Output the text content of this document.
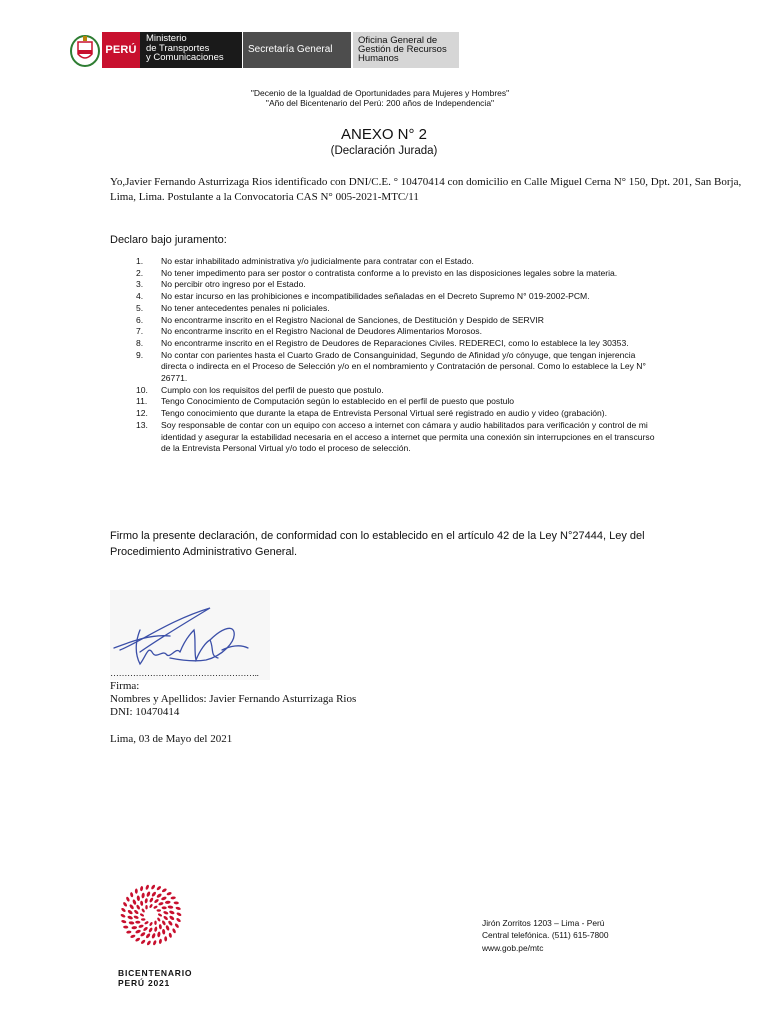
PERÚ
Ministerio
de Transportes
y Comunicaciones
Secretaría General
Oficina General de
Gestión de Recursos
Humanos
"Decenio de la Igualdad de Oportunidades para Mujeres y Hombres"
"Año del Bicentenario del Perú: 200 años de Independencia"
ANEXO N° 2
(Declaración Jurada)
Yo,Javier Fernando Asturrizaga Rios identificado con DNI/C.E. ° 10470414 con domicilio en Calle Miguel Cerna N° 150, Dpt. 201, San Borja, Lima, Lima. Postulante a la Convocatoria CAS N° 005-2021-MTC/11
Declaro bajo juramento:
1.	No estar inhabilitado administrativa y/o judicialmente para contratar con el Estado.
2.	No tener impedimento para ser postor o contratista conforme a lo previsto en las disposiciones legales sobre la materia.
3.	No percibir otro ingreso por el Estado.
4.	No estar incurso en las prohibiciones e incompatibilidades señaladas en el Decreto Supremo N° 019-2002-PCM.
5.	No tener antecedentes penales ni policiales.
6.	No encontrarme inscrito en el Registro Nacional de Sanciones, de Destitución y Despido de SERVIR
7.	No encontrarme inscrito en el Registro Nacional de Deudores Alimentarios Morosos.
8.	No encontrarme inscrito en el Registro de Deudores de Reparaciones Civiles. REDERECI, como lo establece la ley 30353.
9.	No contar con parientes hasta el Cuarto Grado de Consanguinidad, Segundo de Afinidad y/o cónyuge, que tengan injerencia directa o indirecta en el Proceso de Selección y/o en el nombramiento y Contratación de personal. Como lo establece la Ley N° 26771.
10.	Cumplo con los requisitos del perfil de puesto que postulo.
11.	Tengo Conocimiento de Computación según lo establecido en el perfil de puesto que postulo
12.	Tengo conocimiento que durante la etapa de Entrevista Personal Virtual seré registrado en audio y video (grabación).
13.	Soy responsable de contar con un equipo con acceso a internet con cámara y audio habilitados para verificación y control de mi identidad y asegurar la estabilidad necesaria en el acceso a internet que permita una conexión sin interrupciones en el transcurso de la Entrevista Personal Virtual y/o todo el proceso de selección.
Firmo la presente declaración, de conformidad con lo establecido en el artículo 42 de la Ley N°27444, Ley del Procedimiento Administrativo General.
……………………………………………..
Firma:
Nombres y Apellidos: Javier Fernando Asturrizaga Rios
DNI: 10470414
Lima, 03 de Mayo del 2021
BICENTENARIO
PERÚ 2021
Jirón Zorritos 1203 – Lima - Perú
Central telefónica. (511) 615-7800
www.gob.pe/mtc
